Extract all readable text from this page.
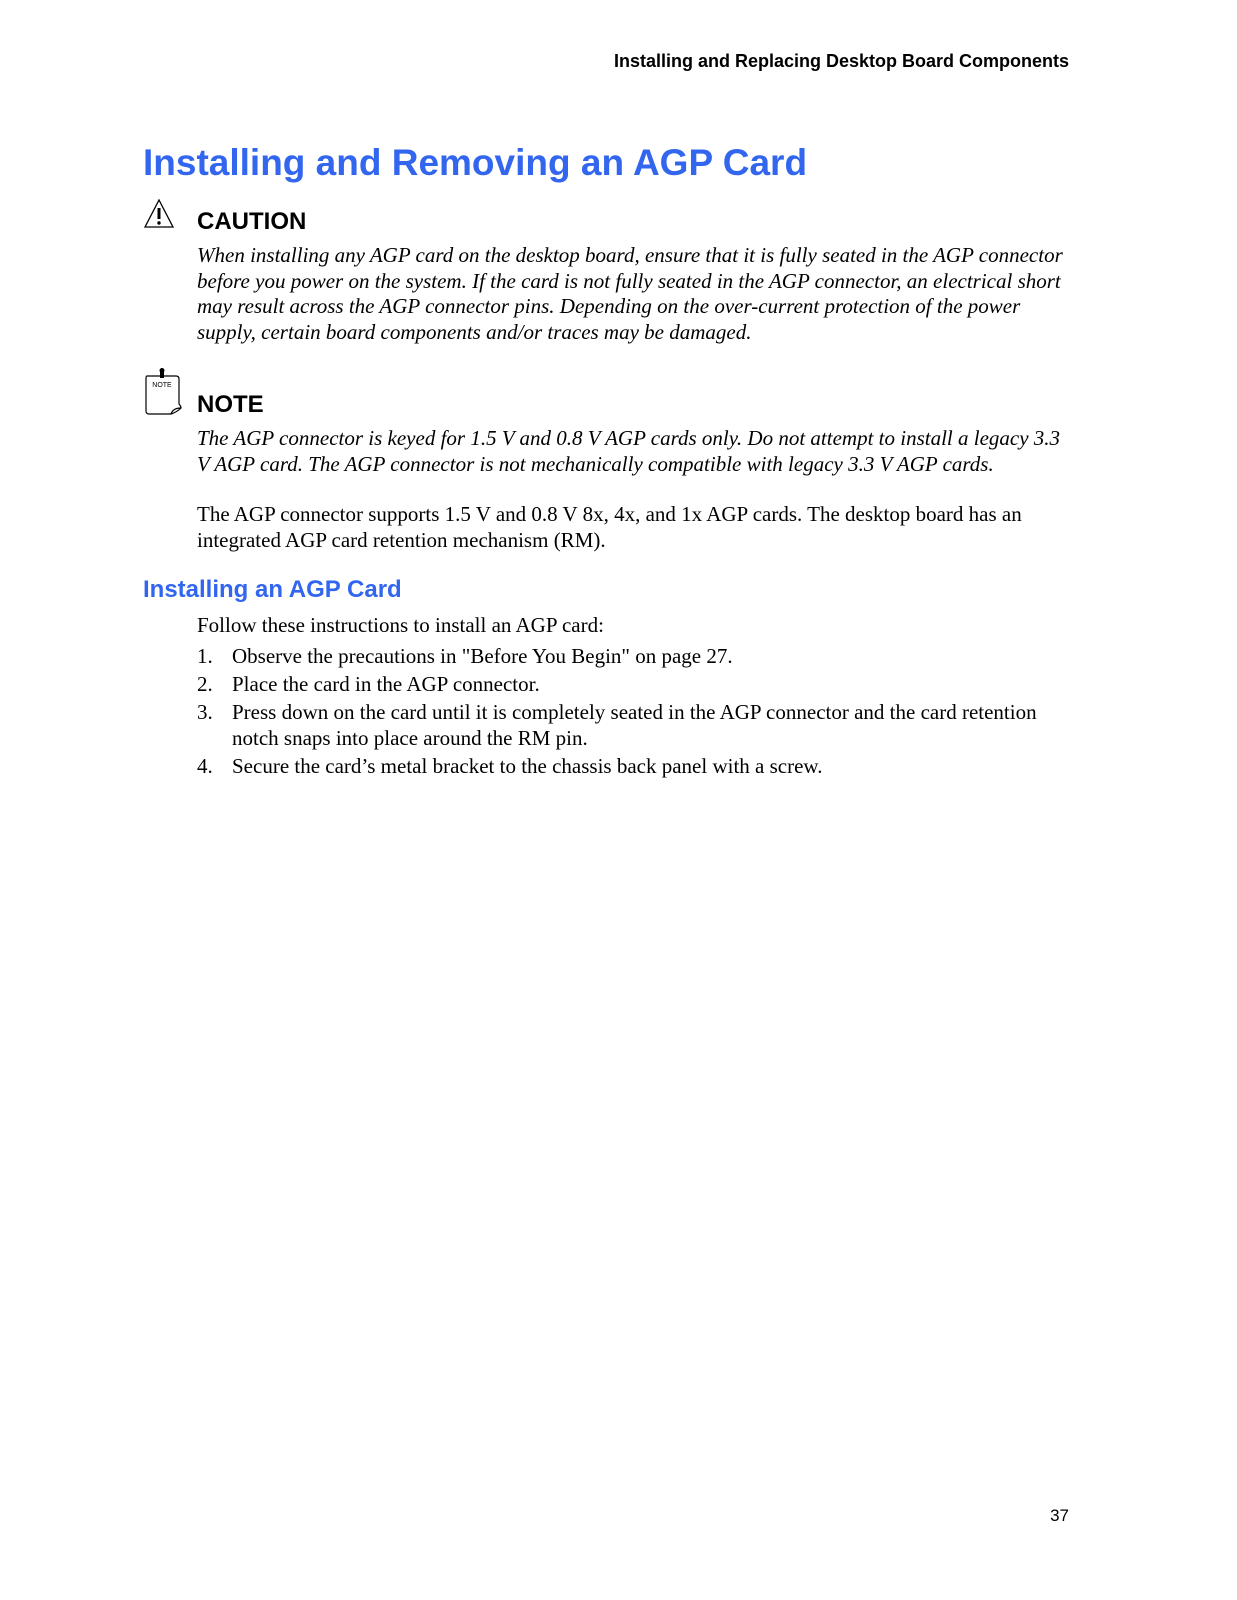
Installing and Replacing Desktop Board Components
Installing and Removing an AGP Card
CAUTION

When installing any AGP card on the desktop board, ensure that it is fully seated in the AGP connector before you power on the system. If the card is not fully seated in the AGP connector, an electrical short may result across the AGP connector pins. Depending on the over-current protection of the power supply, certain board components and/or traces may be damaged.

NOTE
NOTE

The AGP connector is keyed for 1.5 V and 0.8 V AGP cards only. Do not attempt to install a legacy 3.3 V AGP card. The AGP connector is not mechanically compatible with legacy 3.3 V AGP cards.

The AGP connector supports 1.5 V and 0.8 V 8x, 4x, and 1x AGP cards. The desktop board has an integrated AGP card retention mechanism (RM).

Installing an AGP Card

Follow these instructions to install an AGP card:

1. Observe the precautions in "Before You Begin" on page 27.
2. Place the card in the AGP connector.
3. Press down on the card until it is completely seated in the AGP connector and the card retention notch snaps into place around the RM pin.
4. Secure the card’s metal bracket to the chassis back panel with a screw.
37
